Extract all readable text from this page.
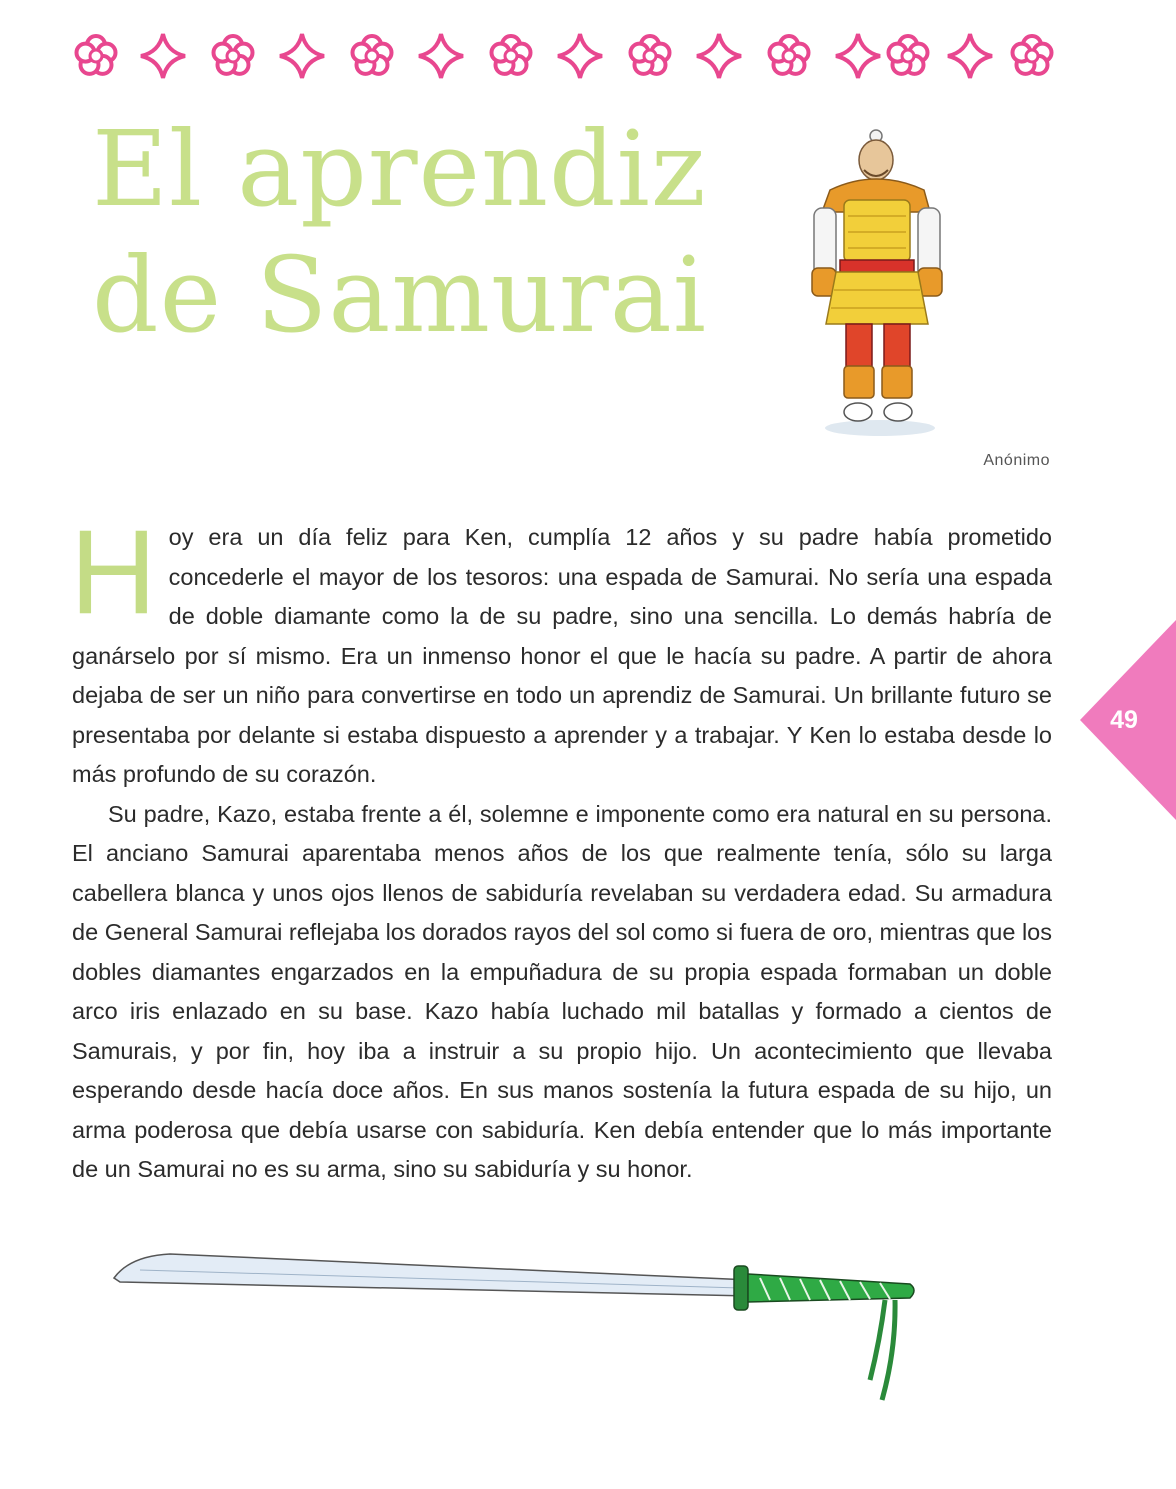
El aprendiz
de Samurai
Anónimo

Hoy era un día feliz para Ken, cumplía 12 años y su padre había prometido concederle el mayor de los tesoros: una espada de Samurai. No sería una espada de doble diamante como la de su padre, sino una sencilla. Lo demás habría de ganárselo por sí mismo. Era un inmenso honor el que le hacía su padre. A partir de ahora dejaba de ser un niño para convertirse en todo un aprendiz de Samurai. Un brillante futuro se presentaba por delante si estaba dispuesto a aprender y a trabajar. Y Ken lo estaba desde lo más profundo de su corazón.

Su padre, Kazo, estaba frente a él, solemne e imponente como era natural en su persona. El anciano Samurai aparentaba menos años de los que realmente tenía, sólo su larga cabellera blanca y unos ojos llenos de sabiduría revelaban su verdadera edad. Su armadura de General Samurai reflejaba los dorados rayos del sol como si fuera de oro, mientras que los dobles diamantes engarzados en la empuñadura de su propia espada formaban un doble arco iris enlazado en su base. Kazo había luchado mil batallas y formado a cientos de Samurais, y por fin, hoy iba a instruir a su propio hijo. Un acontecimiento que llevaba esperando desde hacía doce años. En sus manos sostenía la futura espada de su hijo, un arma poderosa que debía usarse con sabiduría. Ken debía entender que lo más importante de un Samurai no es su arma, sino su sabiduría y su honor.

49
